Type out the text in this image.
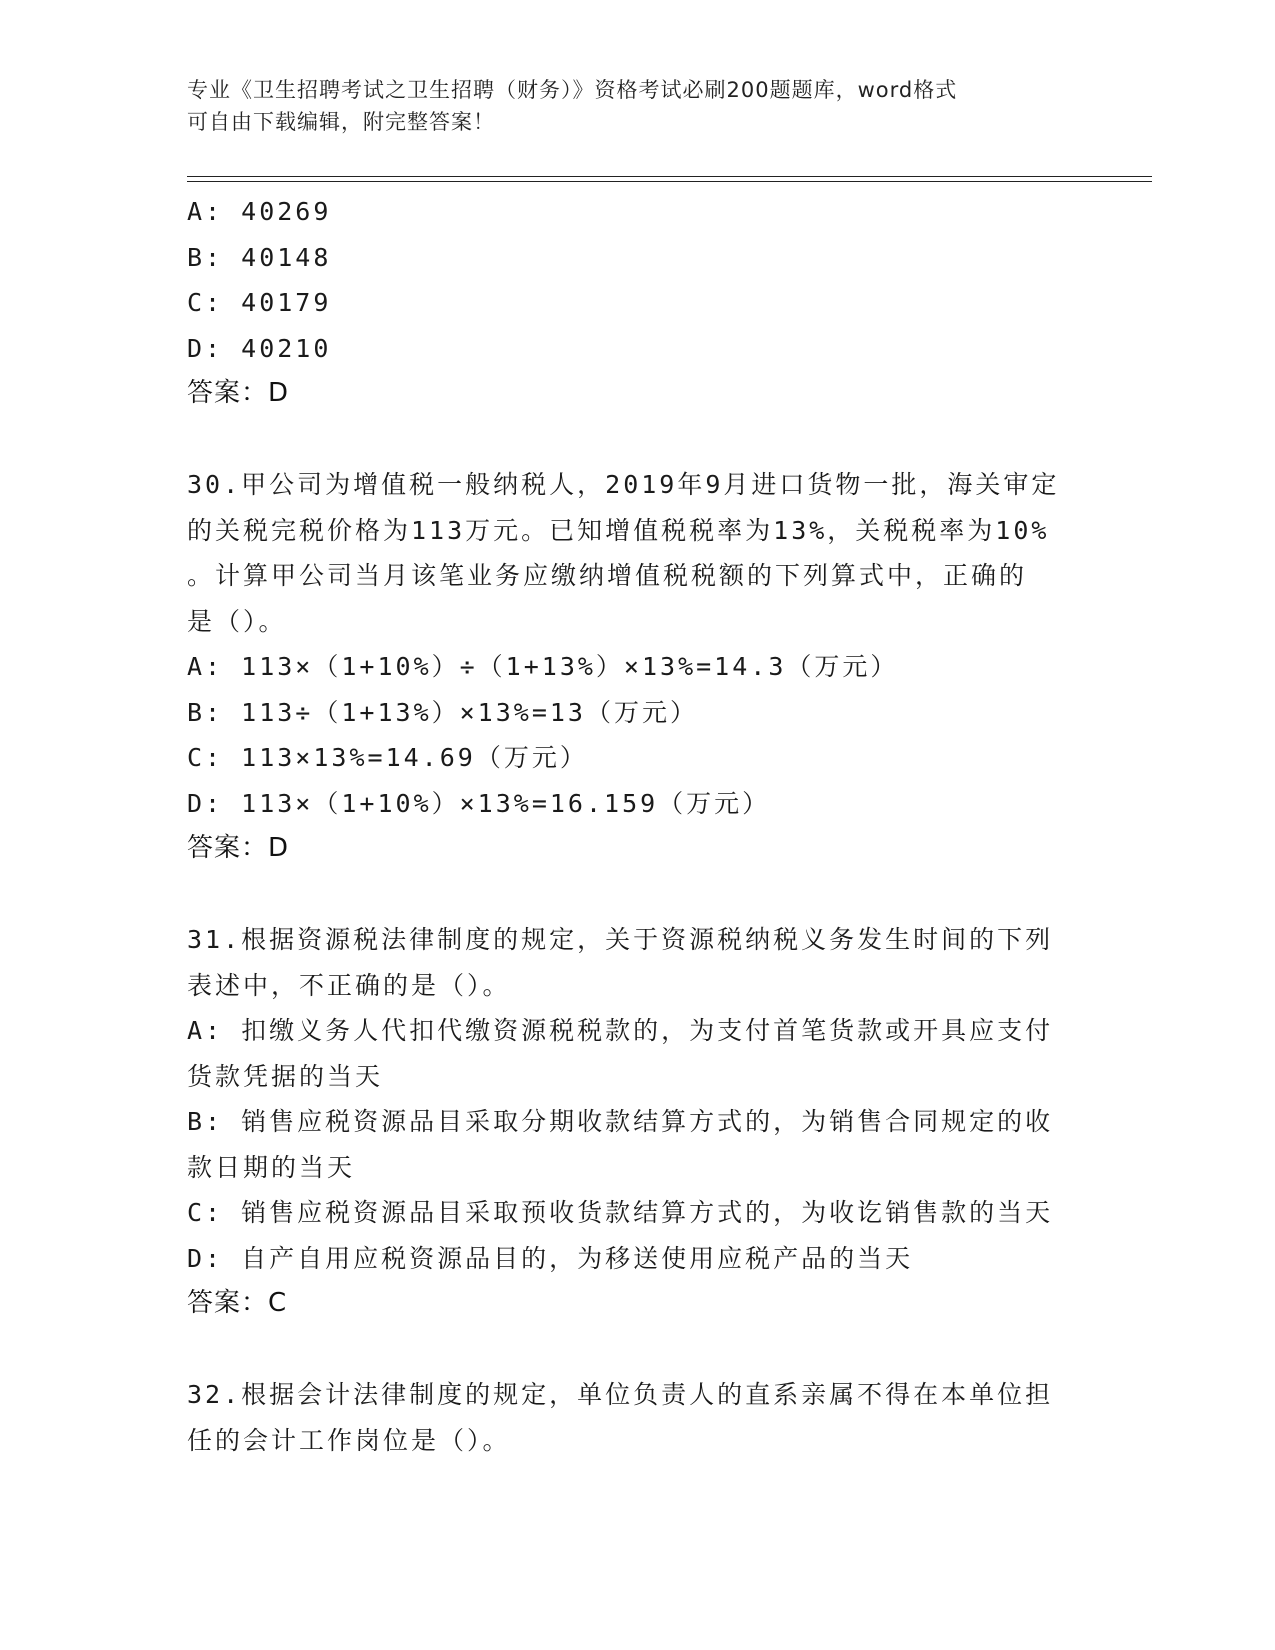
专业《卫生招聘考试之卫生招聘（财务）》资格考试必刷200题题库，word格式
可自由下载编辑，附完整答案！
A: 40269
B: 40148
C: 40179
D: 40210
答案：D
30.甲公司为增值税一般纳税人，2019年9月进口货物一批，海关审定
的关税完税价格为113万元。已知增值税税率为13%，关税税率为10%
。计算甲公司当月该笔业务应缴纳增值税税额的下列算式中，正确的
是（）。
A: 113×（1+10%）÷（1+13%）×13%=14.3（万元）
B: 113÷（1+13%）×13%=13（万元）
C: 113×13%=14.69（万元）
D: 113×（1+10%）×13%=16.159（万元）
答案：D
31.根据资源税法律制度的规定，关于资源税纳税义务发生时间的下列
表述中，不正确的是（）。
A: 扣缴义务人代扣代缴资源税税款的，为支付首笔货款或开具应支付
货款凭据的当天
B: 销售应税资源品目采取分期收款结算方式的，为销售合同规定的收
款日期的当天
C: 销售应税资源品目采取预收货款结算方式的，为收讫销售款的当天
D: 自产自用应税资源品目的，为移送使用应税产品的当天
答案：C
32.根据会计法律制度的规定，单位负责人的直系亲属不得在本单位担
任的会计工作岗位是（）。
